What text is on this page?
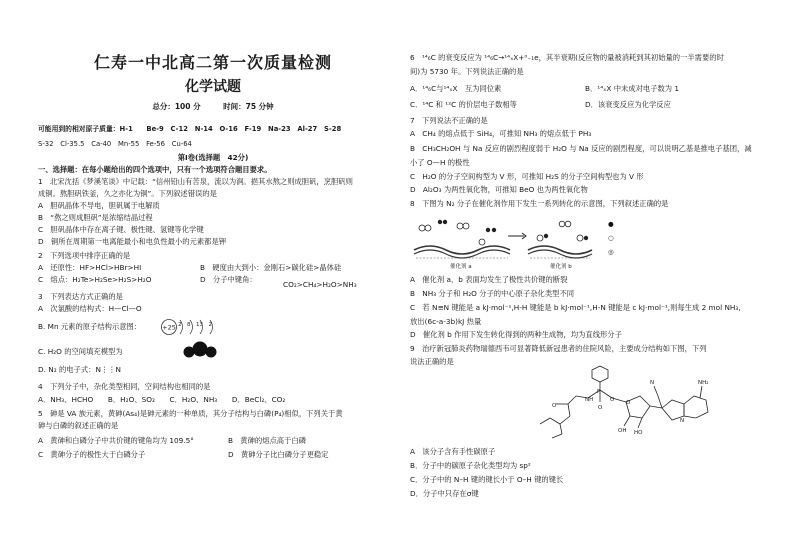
仁寿一中北高二第一次质量检测
化学试题
总分：100 分　　　时间：75 分钟
可能用到的相对原子质量：H-1　　Be-9　C-12　N-14　O-16　F-19　Na-23　Al-27　S-28
S-32　Cl-35.5　Ca-40　Mn-55　Fe-56　Cu-64
第Ⅰ卷(选择题　42分)
一、选择题：在每小题给出的四个选项中，只有一个选项符合题目要求。
1　北宋沈括《梦溪笔谈》中记载：“信州铅山有苦泉，流以为涧。挹其水熬之则成胆矾，烹胆矾则
成铜。熬胆矾铁釜，久之亦化为铜”。下列叙述错误的是
A　胆矾晶体不导电，胆矾属于电解质
B　“熬之则成胆矾”是浓缩结晶过程
C　胆矾晶体中存在离子键、极性键、氢键等化学键
D　铜所在周期第一电离能最小和电负性最小的元素都是钾
2　下列选项中排序正确的是
A　还原性：HF>HCl>HBr>HI	B　硬度由大到小：金刚石>碳化硅>晶体硅
C　熔点：H₂Te>H₂Se>H₂S>H₂O	D　分子中键角：
CO₂>CH₄>H₂O>NH₃
3　下列表达方式正确的是
A　次氯酸的结构式：H—Cl—O
B. Mn 元素的原子结构示意图：	+25 2　8　13　2
C. H₂O 的空间填充模型为
D. N₂ 的电子式：N⋮⋮N
4　下列分子中，杂化类型相同，空间结构也相同的是
A．NH₃、HCHO　　B．H₂O、SO₂　　C．H₂O、NH₃　　D．BeCl₂、CO₂
5　砷是 VA 族元素，黄砷(As₄)是砷元素的一种单质，其分子结构与白磷(P₄)相似，下列关于黄
砷与白磷的叙述正确的是
A　黄砷和白磷分子中共价键的键角均为 109.5°	B　黄砷的熔点高于白磷
C　黄砷分子的极性大于白磷分子	D　黄砷分子比白磷分子更稳定
6　¹⁴₆C 的衰变反应为 ¹⁴₆C→¹⁴ₓX+⁰₋₁e，其半衰期(反应物的量被消耗到其初始量的一半需要的时
间)为 5730 年。下列说法正确的是
A．¹⁴₆C与¹⁴ₓX　互为同位素	B．¹⁴ₓX 中未成对电子数为 1
C．¹⁴C 和 ¹²C 的价层电子数相等	D．该衰变反应为化学反应
7　下列说法不正确的是
A　CH₄ 的熔点低于 SiH₄，可推知 NH₃ 的熔点低于 PH₃
B　CH₃CH₂OH 与 Na 反应的剧烈程度弱于 H₂O 与 Na 反应的剧烈程度，可以说明乙基是推电子基团，减
小了 O—H 的极性
C　H₂O 的分子空间构型为 V 形，可推知 H₂S 的分子空间构型也为 V 形
D　Al₂O₃ 为两性氧化物，可推知 BeO 也为两性氧化物
8　下图为 N₂ 分子在催化剂作用下发生一系列转化的示意图，下列叙述正确的是
催化剂 a	催化剂 b
●
○
◎
A　催化剂 a、b 表面均发生了极性共价键的断裂
B　NH₃ 分子和 H₂O 分子的中心原子杂化类型不同
C　若 N≡N 键能是 a kJ·mol⁻¹,H-H 键能是 b kJ·mol⁻¹,H-N 键能是 c kJ·mol⁻¹,则每生成 2 mol NH₃,
放出(6c-a-3b)kJ 热量
D　催化剂 b 作用下发生转化得到的两种生成物，均为直线形分子
9　治疗新冠肺炎药物瑞德西韦可显著降低新冠患者的住院风险，主要成分结构如下图，下列
说法正确的是
P
O
NH	O
O	O
HO
OH
N	NH₂
N
A　该分子含有手性碳原子
B．分子中的碳原子杂化类型均为 sp²
C．分子中的 N–H 键的键长小于 O–H 键的键长
D．分子中只存在σ键
